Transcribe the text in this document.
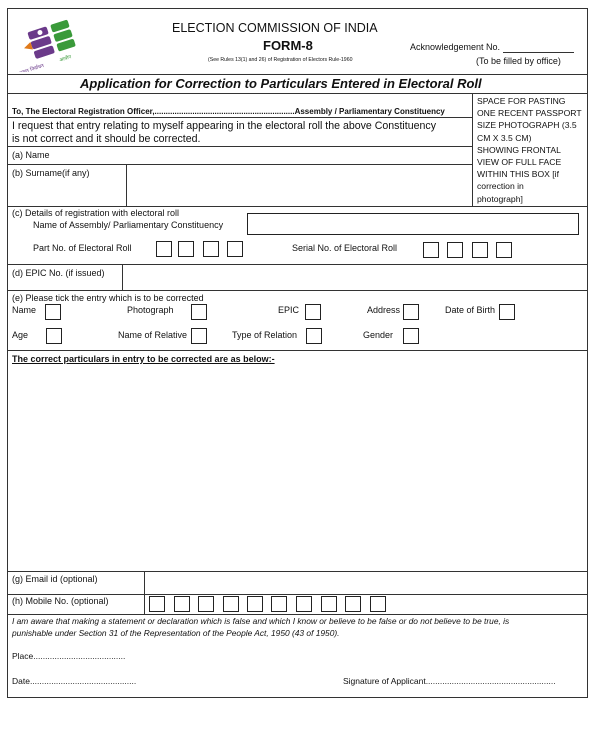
भारत निर्वाचन
आयोग
ELECTION COMMISSION OF INDIA
FORM-8
(See Rules 13(1) and 26) of Registration of Electors Rule-1960
Acknowledgement No.
(To be filled by office)
Application for Correction to Particulars Entered in Electoral Roll
SPACE FOR PASTING
ONE RECENT PASSPORT
SIZE PHOTOGRAPH (3.5
CM X 3.5 CM)
SHOWING FRONTAL
VIEW OF FULL FACE
WITHIN THIS BOX [if
correction in
photograph]
To, The Electoral Registration Officer,...............................................................Assembly / Parliamentary Constituency
I request that entry relating to myself appearing in the electoral roll the above Constituency
is not correct and it should be corrected.
(a) Name
(b) Surname(if any)
(c) Details of registration with electoral roll
Name of Assembly/ Parliamentary Constituency
Part No. of Electoral Roll	Serial No. of Electoral Roll
(d) EPIC No. (if issued)
(e) Please tick the entry which is to be corrected
Name	Photograph	EPIC	Address	Date of Birth
Age	Name of Relative	Type of Relation	Gender
The correct particulars in entry to be corrected are as below:-
(g) Email id (optional)
(h) Mobile No. (optional)
I am aware that making a statement or declaration which is false and which I know or believe to be false or do not believe to be true, is
punishable under Section 31 of the Representation of the People Act, 1950 (43 of 1950).
Place.......................................
Date.............................................	Signature of Applicant.......................................................
